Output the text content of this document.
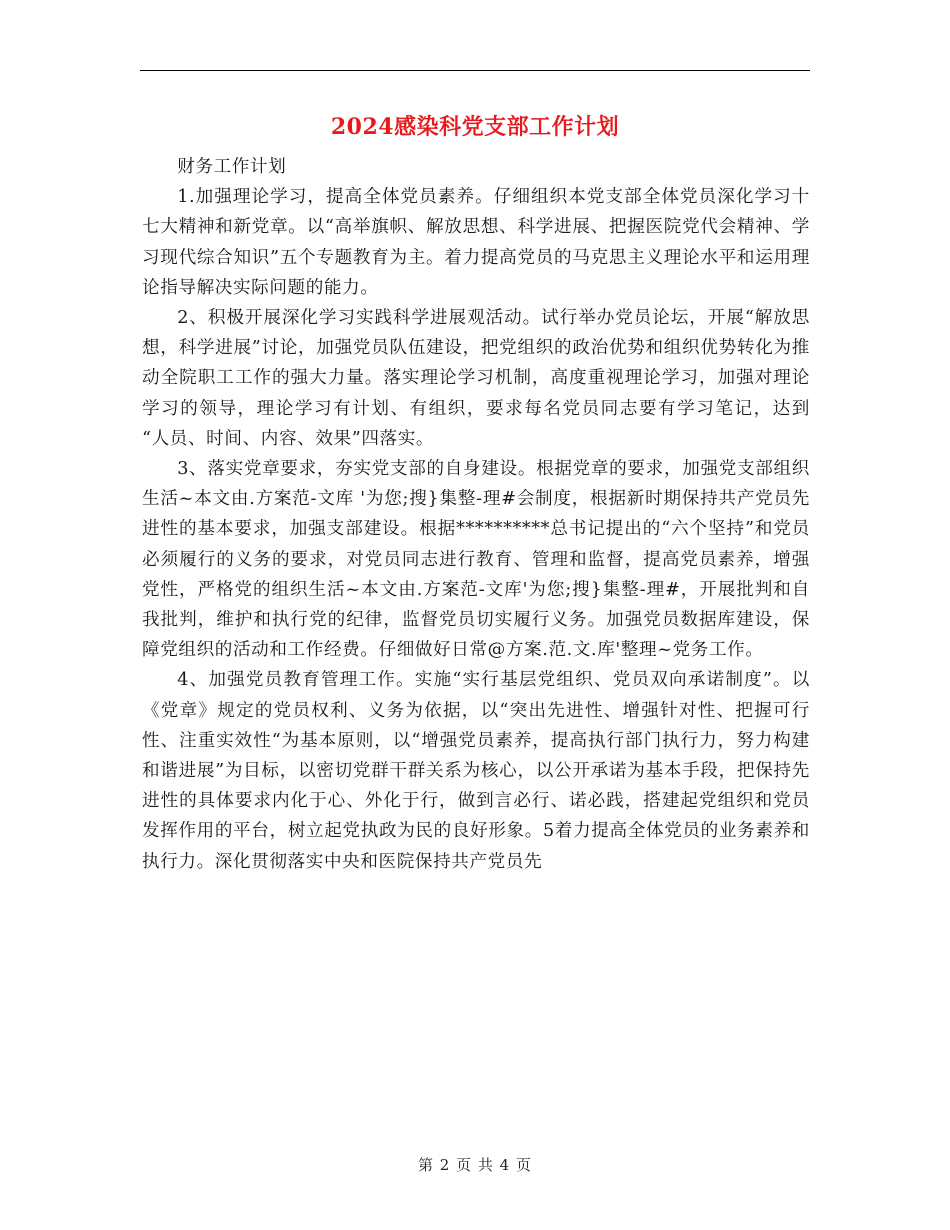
2024感染科党支部工作计划

财务工作计划

1.加强理论学习，提高全体党员素养。仔细组织本党支部全体党员深化学习十七大精神和新党章。以“高举旗帜、解放思想、科学进展、把握医院党代会精神、学习现代综合知识”五个专题教育为主。着力提高党员的马克思主义理论水平和运用理论指导解决实际问题的能力。

2、积极开展深化学习实践科学进展观活动。试行举办党员论坛，开展“解放思想，科学进展”讨论，加强党员队伍建设，把党组织的政治优势和组织优势转化为推动全院职工工作的强大力量。落实理论学习机制，高度重视理论学习，加强对理论学习的领导，理论学习有计划、有组织，要求每名党员同志要有学习笔记，达到 “人员、时间、内容、效果”四落实。

3、落实党章要求，夯实党支部的自身建设。根据党章的要求，加强党支部组织生活~本文由.方案范-文库 '为您;搜}集整-理#会制度，根据新时期保持共产党员先进性的基本要求，加强支部建设。根据**********总书记提出的“六个坚持”和党员必须履行的义务的要求，对党员同志进行教育、管理和监督，提高党员素养，增强党性，严格党的组织生活~本文由.方案范-文库'为您;搜}集整-理#，开展批判和自我批判，维护和执行党的纪律，监督党员切实履行义务。加强党员数据库建设，保障党组织的活动和工作经费。仔细做好日常@方案.范.文.库'整理~党务工作。

4、加强党员教育管理工作。实施“实行基层党组织、党员双向承诺制度”。以《党章》规定的党员权利、义务为依据，以“突出先进性、增强针对性、把握可行性、注重实效性“为基本原则，以“增强党员素养，提高执行部门执行力，努力构建和谐进展”为目标，以密切党群干群关系为核心，以公开承诺为基本手段，把保持先进性的具体要求内化于心、外化于行，做到言必行、诺必践，搭建起党组织和党员发挥作用的平台，树立起党执政为民的良好形象。5着力提高全体党员的业务素养和执行力。深化贯彻落实中央和医院保持共产党员先

第 2 页 共 4 页
